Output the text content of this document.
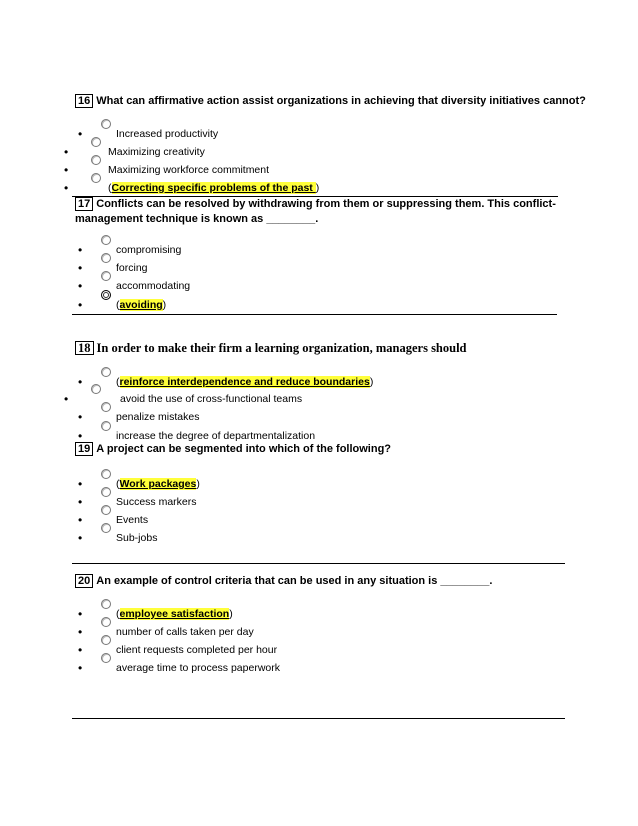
16 What can affirmative action assist organizations in achieving that diversity initiatives cannot?
•	Increased productivity
•	Maximizing creativity
•	Maximizing workforce commitment
•	(Correcting specific problems of the past )
17 Conflicts can be resolved by withdrawing from them or suppressing them. This conflict-
management technique is known as ________.
•	compromising
•	forcing
•	accommodating
•	(avoiding)
18 In order to make their firm a learning organization, managers should
•	(reinforce interdependence and reduce boundaries)
•	avoid the use of cross-functional teams
•	penalize mistakes
•	increase the degree of departmentalization
19 A project can be segmented into which of the following?
•	(Work packages)
•	Success markers
•	Events
•	Sub-jobs
20 An example of control criteria that can be used in any situation is ________.
•	(employee satisfaction)
•	number of calls taken per day
•	client requests completed per hour
•	average time to process paperwork
